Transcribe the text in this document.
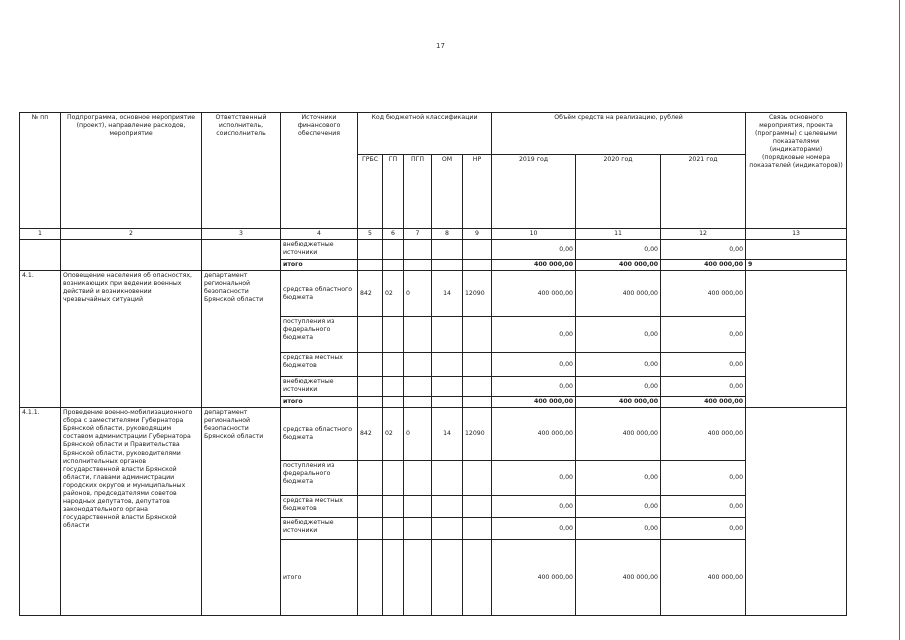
17
№ пп	Подпрограмма, основное мероприятие (проект), направление расходов, мероприятие	Ответственный исполнитель, соисполнитель	Источники финансового обеспечения	Код бюджетной классификации					Объём средств на реализацию, рублей			Связь основного мероприятия, проекта (программы) с целевыми показателями (индикаторами) (порядковые номера показателей (индикаторов))
				ГРБС	ГП	ПГП	ОМ	НР	2019 год	2020 год	2021 год	
1	2	3	4	5	6	7	8	9	10	11	12	13
			внебюджетные источники						0,00	0,00	0,00	
			итого						400 000,00	400 000,00	400 000,00	9
4.1.	Оповещение населения об опасностях, возникающих при ведении военных действий и возникновении чрезвычайных ситуаций	департамент региональной безопасности Брянской области	средства областного бюджета	842	02	0	14	12090	400 000,00	400 000,00	400 000,00	
			поступления из федерального бюджета						0,00	0,00	0,00	
			средства местных бюджетов						0,00	0,00	0,00	
			внебюджетные источники						0,00	0,00	0,00	
			итого						400 000,00	400 000,00	400 000,00	
4.1.1.	Проведение военно-мобилизационного сбора с заместителями Губернатора Брянской области, руководящим составом администрации Губернатора Брянской области и Правительства Брянской области, руководителями исполнительных органов государственной власти Брянской области, главами администрации городских округов и муниципальных районов, председателями советов народных депутатов, депутатов законодательного органа государственной власти Брянской области	департамент региональной безопасности Брянской области	средства областного бюджета	842	02	0	14	12090	400 000,00	400 000,00	400 000,00	
			поступления из федерального бюджета						0,00	0,00	0,00	
			средства местных бюджетов						0,00	0,00	0,00	
			внебюджетные источники						0,00	0,00	0,00	
			итого						400 000,00	400 000,00	400 000,00	
